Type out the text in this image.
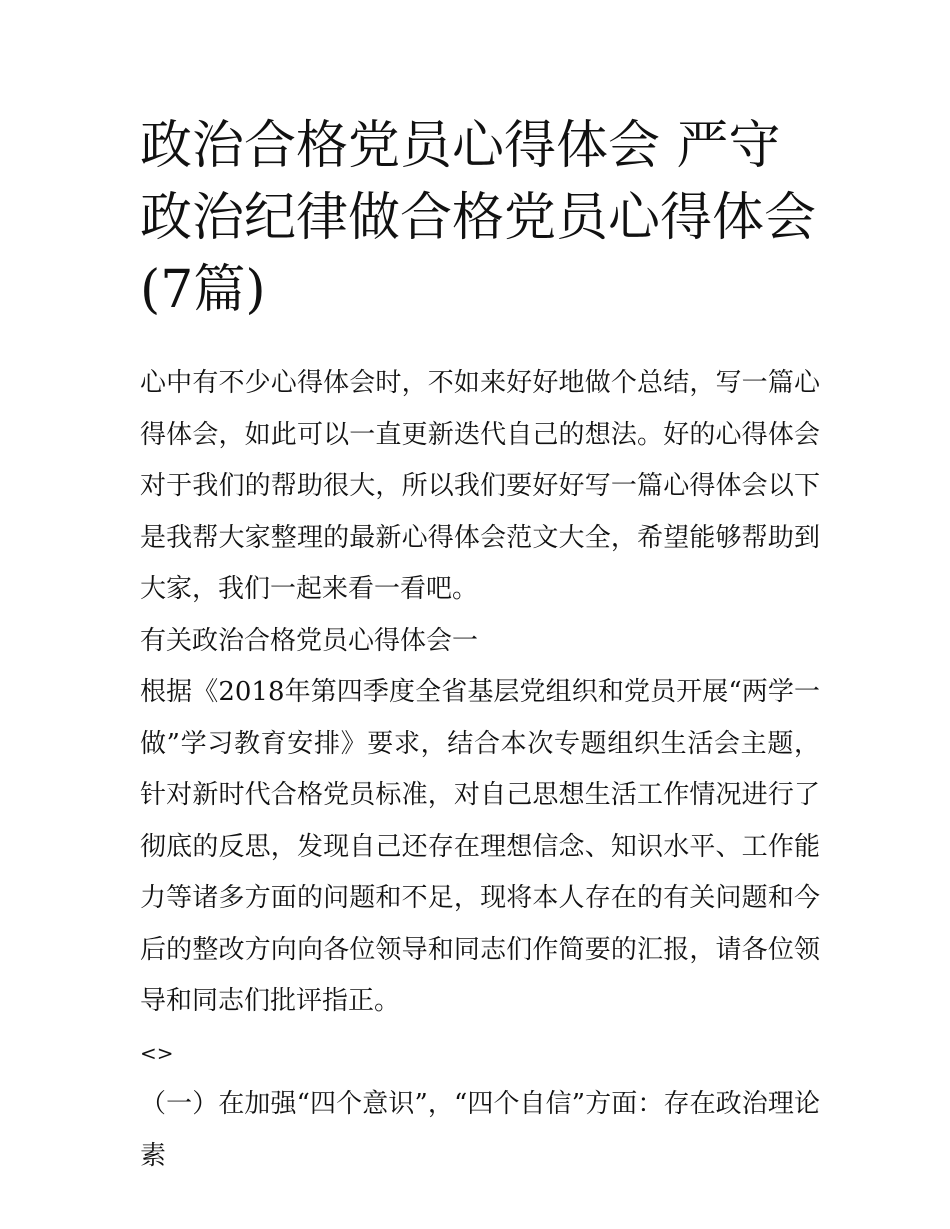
政治合格党员心得体会 严守政治纪律做合格党员心得体会(7篇)

心中有不少心得体会时，不如来好好地做个总结，写一篇心得体会，如此可以一直更新迭代自己的想法。好的心得体会对于我们的帮助很大，所以我们要好好写一篇心得体会以下是我帮大家整理的最新心得体会范文大全，希望能够帮助到大家，我们一起来看一看吧。

有关政治合格党员心得体会一

根据《2018年第四季度全省基层党组织和党员开展“两学一做”学习教育安排》要求，结合本次专题组织生活会主题，针对新时代合格党员标准，对自己思想生活工作情况进行了彻底的反思，发现自己还存在理想信念、知识水平、工作能力等诸多方面的问题和不足，现将本人存在的有关问题和今后的整改方向向各位领导和同志们作简要的汇报，请各位领导和同志们批评指正。

<>

（一）在加强“四个意识”，“四个自信”方面：存在政治理论素
